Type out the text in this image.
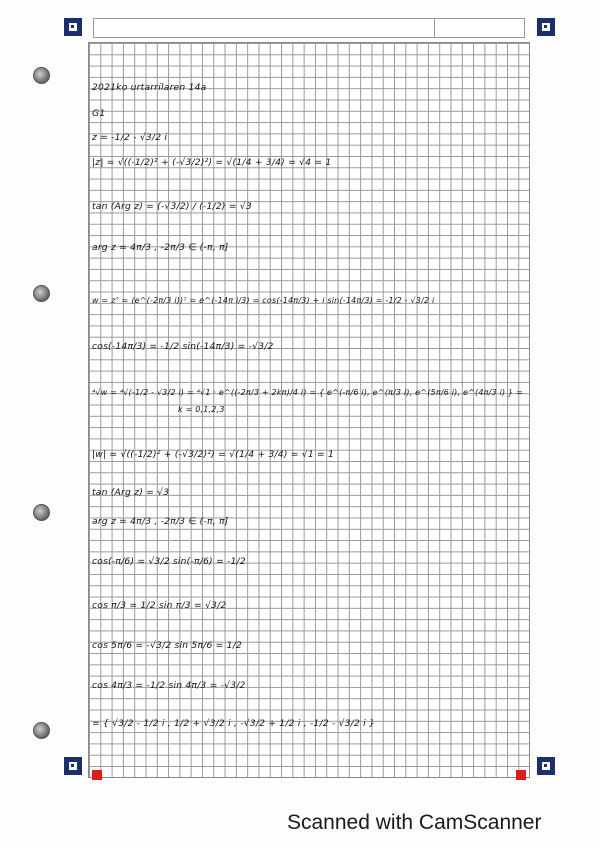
2021ko urtarrilaren 14a
G1
z = -1/2 - √3/2 i
|z| = √((-1/2)² + (-√3/2)²) = √(1/4 + 3/4) = √4 = 1
tan (Arg z) = (-√3/2) / (-1/2) = √3
arg z = 4π/3 , -2π/3 ∈ (-π, π]
w = z⁷ = (e^(-2π/3 i))⁷ = e^(-14π i/3) = cos(-14π/3) + i sin(-14π/3) = -1/2 - √3/2 i
cos(-14π/3) = -1/2 sin(-14π/3) = -√3/2
⁴√w = ⁴√(-1/2 - √3/2 i) = ⁴√1 · e^((-2π/3 + 2kπ)/4 i) = { e^(-π/6 i), e^(π/3 i), e^(5π/6 i), e^(4π/3 i) } =
k = 0,1,2,3
|w| = √((-1/2)² + (-√3/2)²) = √(1/4 + 3/4) = √1 = 1
tan (Arg z) = √3
arg z = 4π/3 , -2π/3 ∈ (-π, π]
cos(-π/6) = √3/2 sin(-π/6) = -1/2
cos π/3 = 1/2 sin π/3 = √3/2
cos 5π/6 = -√3/2 sin 5π/6 = 1/2
cos 4π/3 = -1/2 sin 4π/3 = -√3/2
= { √3/2 - 1/2 i , 1/2 + √3/2 i , -√3/2 + 1/2 i , -1/2 - √3/2 i }
Scanned with CamScanner
